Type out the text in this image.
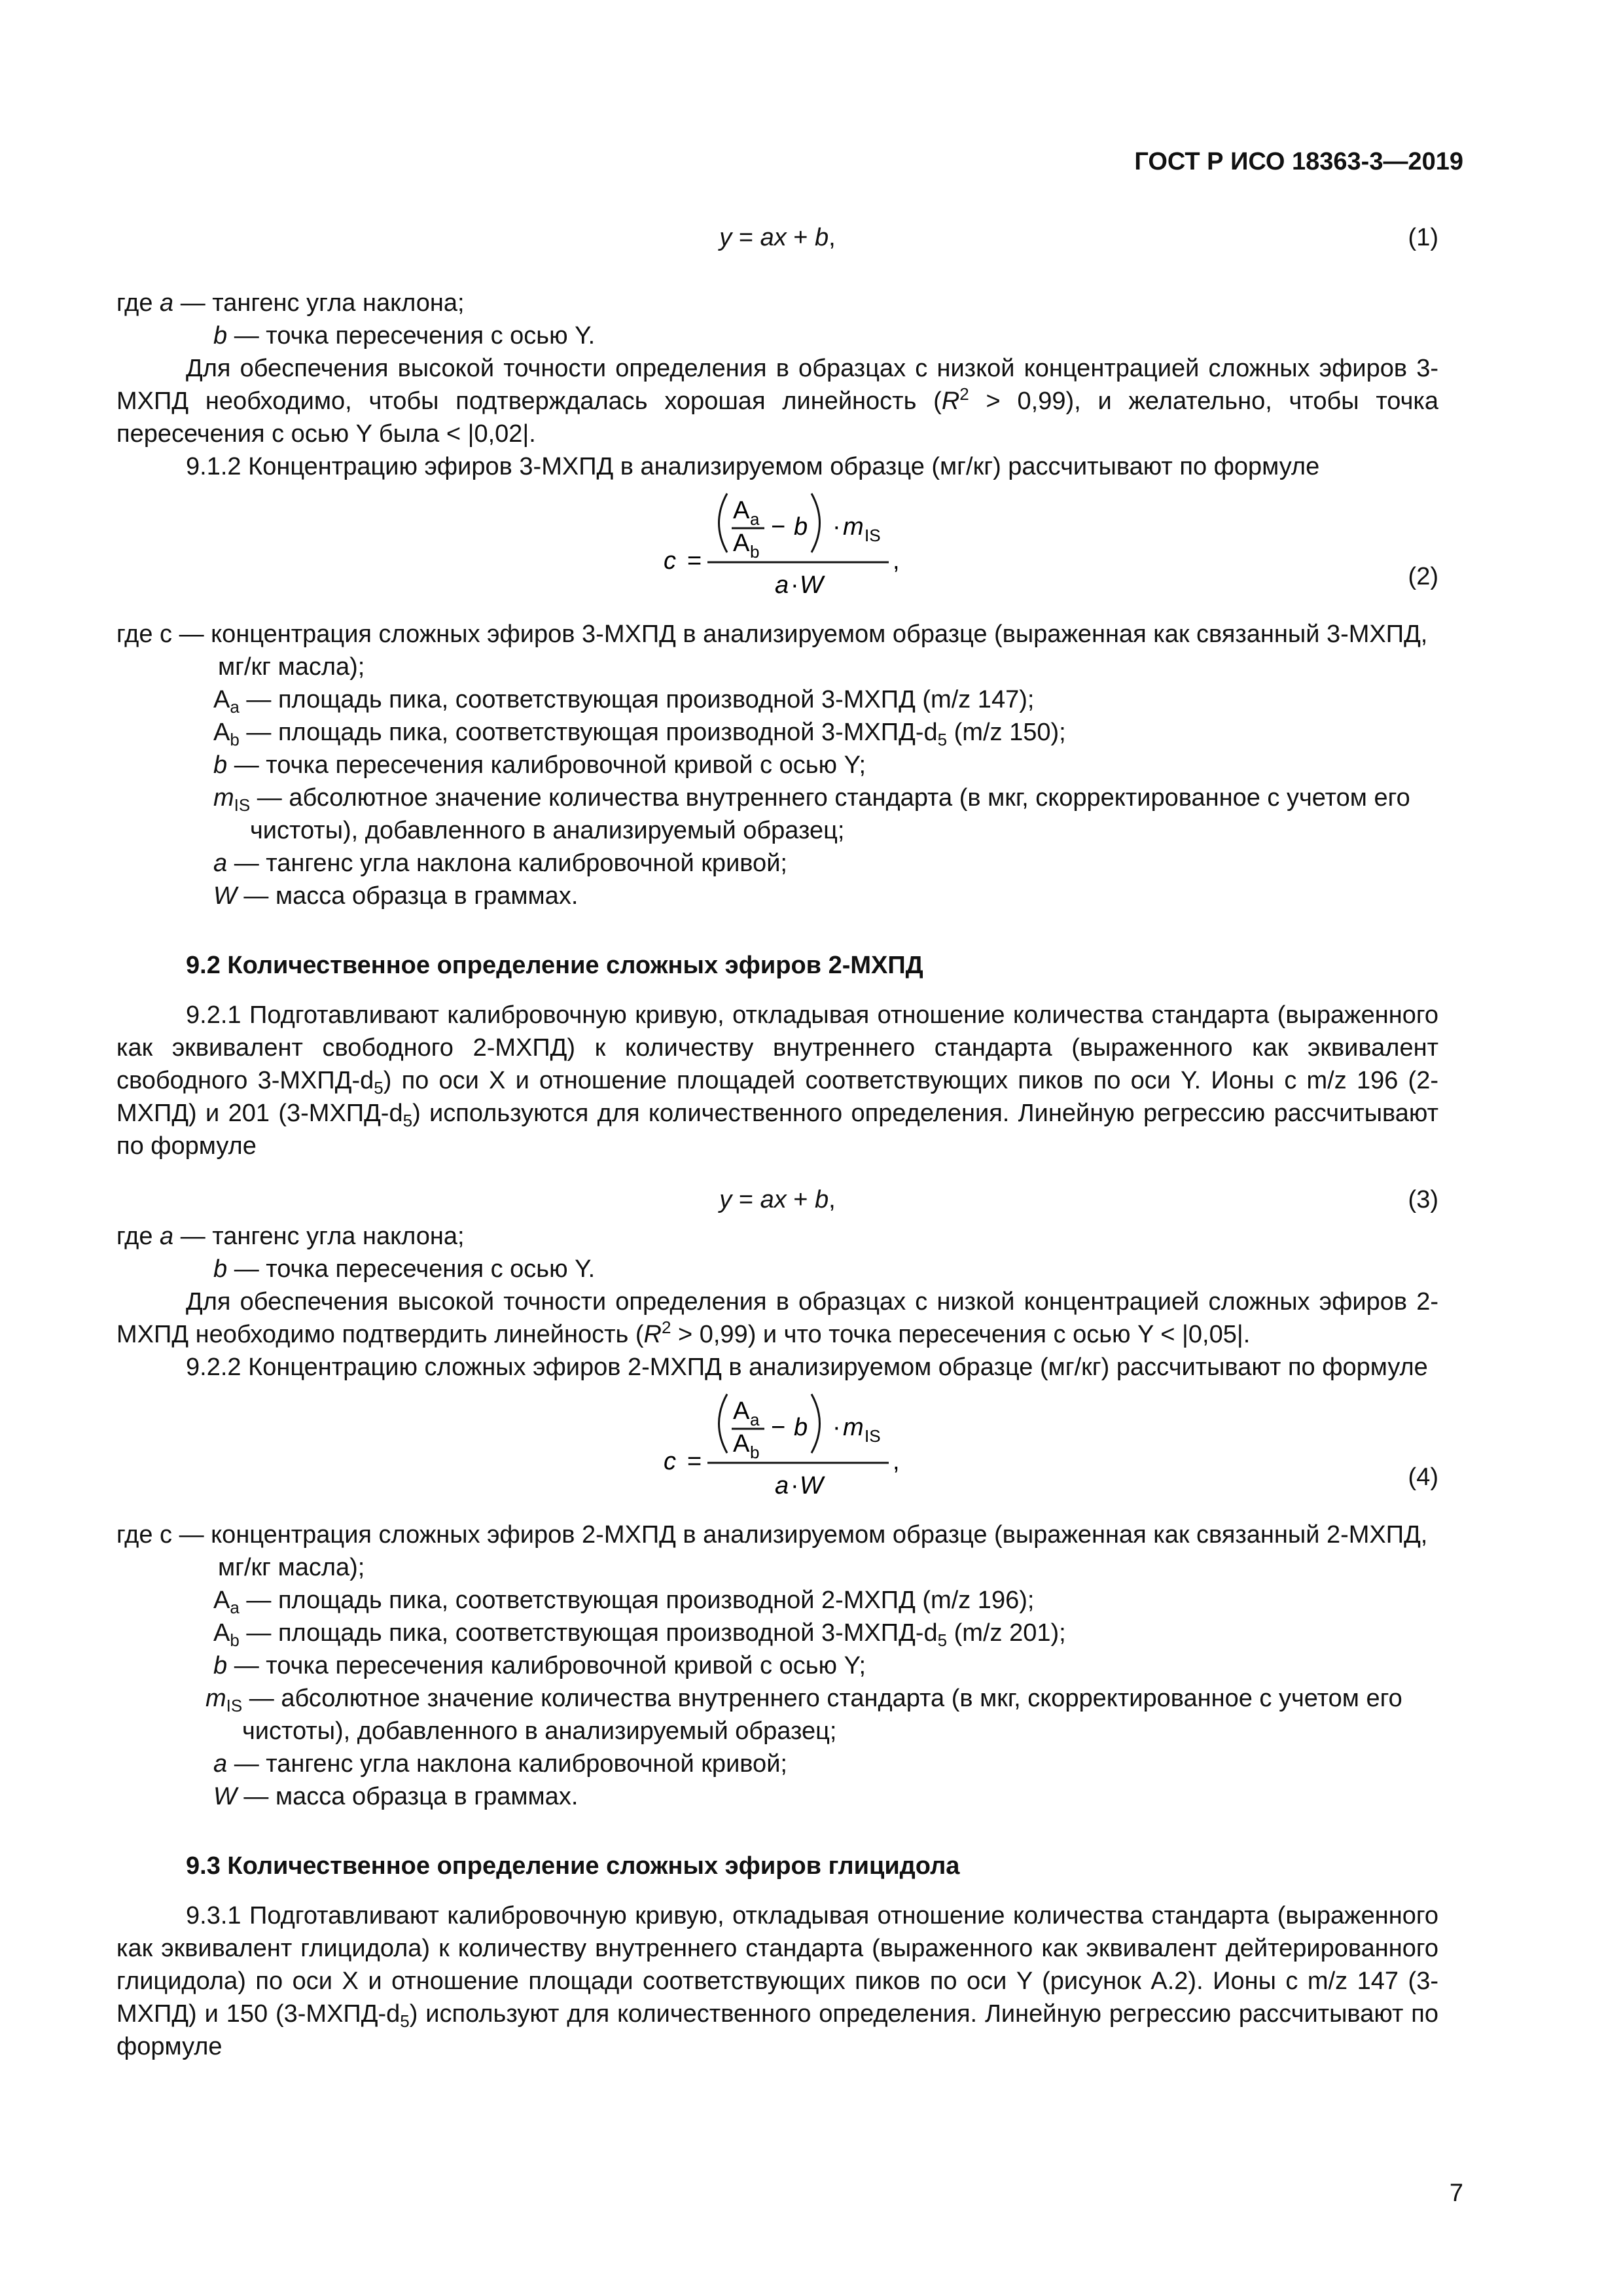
ГОСТ Р ИСО 18363-3—2019
y = ax + b,	(1)

где a — тангенс угла наклона;

b — точка пересечения с осью Y.

Для обеспечения высокой точности определения в образцах с низкой концентрацией сложных эфиров 3-МХПД необходимо, чтобы подтверждалась хорошая линейность $(R^2 > 0,99)$, и желательно, чтобы точка пересечения с осью Y была < |0,02|.

9.1.2 Концентрацию эфиров 3-МХПД в анализируемом образце (мг/кг) рассчитывают по формуле

c =
A a
A b
− b · m IS
a · W
,
(2)

где с — концентрация сложных эфиров 3-МХПД в анализируемом образце (выраженная как связанный 3-МХПД, мг/кг масла);

$A_a$ — площадь пика, соответствующая производной 3-МХПД (m/z 147);

$A_b$ — площадь пика, соответствующая производной $3-МХПД-d_5$ (m/z 150);

b — точка пересечения калибровочной кривой с осью Y;

$m_{IS}$ — абсолютное значение количества внутреннего стандарта (в мкг, скорректированное с учетом его чистоты), добавленного в анализируемый образец;

a — тангенс угла наклона калибровочной кривой;

W — масса образца в граммах.

9.2 Количественное определение сложных эфиров 2-МХПД

9.2.1 Подготавливают калибровочную кривую, откладывая отношение количества стандарта (выраженного как эквивалент свободного 2-МХПД) к количеству внутреннего стандарта (выраженного как эквивалент свободного $3-МХПД-d_5$) по оси X и отношение площадей соответствующих пиков по оси Y. Ионы с m/z 196 (2-МХПД) и 201 $(3-МХПД-d_5)$ используются для количественного определения. Линейную регрессию рассчитывают по формуле

y = ax + b,	(3)

где a — тангенс угла наклона;

b — точка пересечения с осью Y.

Для обеспечения высокой точности определения в образцах с низкой концентрацией сложных эфиров 2-МХПД необходимо подтвердить линейность $(R^2 > 0,99)$ и что точка пересечения с осью Y < |0,05|.

9.2.2 Концентрацию сложных эфиров 2-МХПД в анализируемом образце (мг/кг) рассчитывают по формуле

c =
A a
A b
− b · m IS
a · W
,
(4)

где с — концентрация сложных эфиров 2-МХПД в анализируемом образце (выраженная как связанный 2-МХПД, мг/кг масла);

$A_a$ — площадь пика, соответствующая производной 2-МХПД (m/z 196);

$A_b$ — площадь пика, соответствующая производной $3-МХПД-d_5$ (m/z 201);

b — точка пересечения калибровочной кривой с осью Y;

$m_{IS}$ — абсолютное значение количества внутреннего стандарта (в мкг, скорректированное с учетом его чистоты), добавленного в анализируемый образец;

a — тангенс угла наклона калибровочной кривой;

W — масса образца в граммах.

9.3 Количественное определение сложных эфиров глицидола

9.3.1 Подготавливают калибровочную кривую, откладывая отношение количества стандарта (выраженного как эквивалент глицидола) к количеству внутреннего стандарта (выраженного как эквивалент дейтерированного глицидола) по оси X и отношение площади соответствующих пиков по оси Y (рисунок А.2). Ионы с m/z 147 (3-МХПД) и 150 $(3-МХПД-d_5)$ используют для количественного определения. Линейную регрессию рассчитывают по формуле

7
